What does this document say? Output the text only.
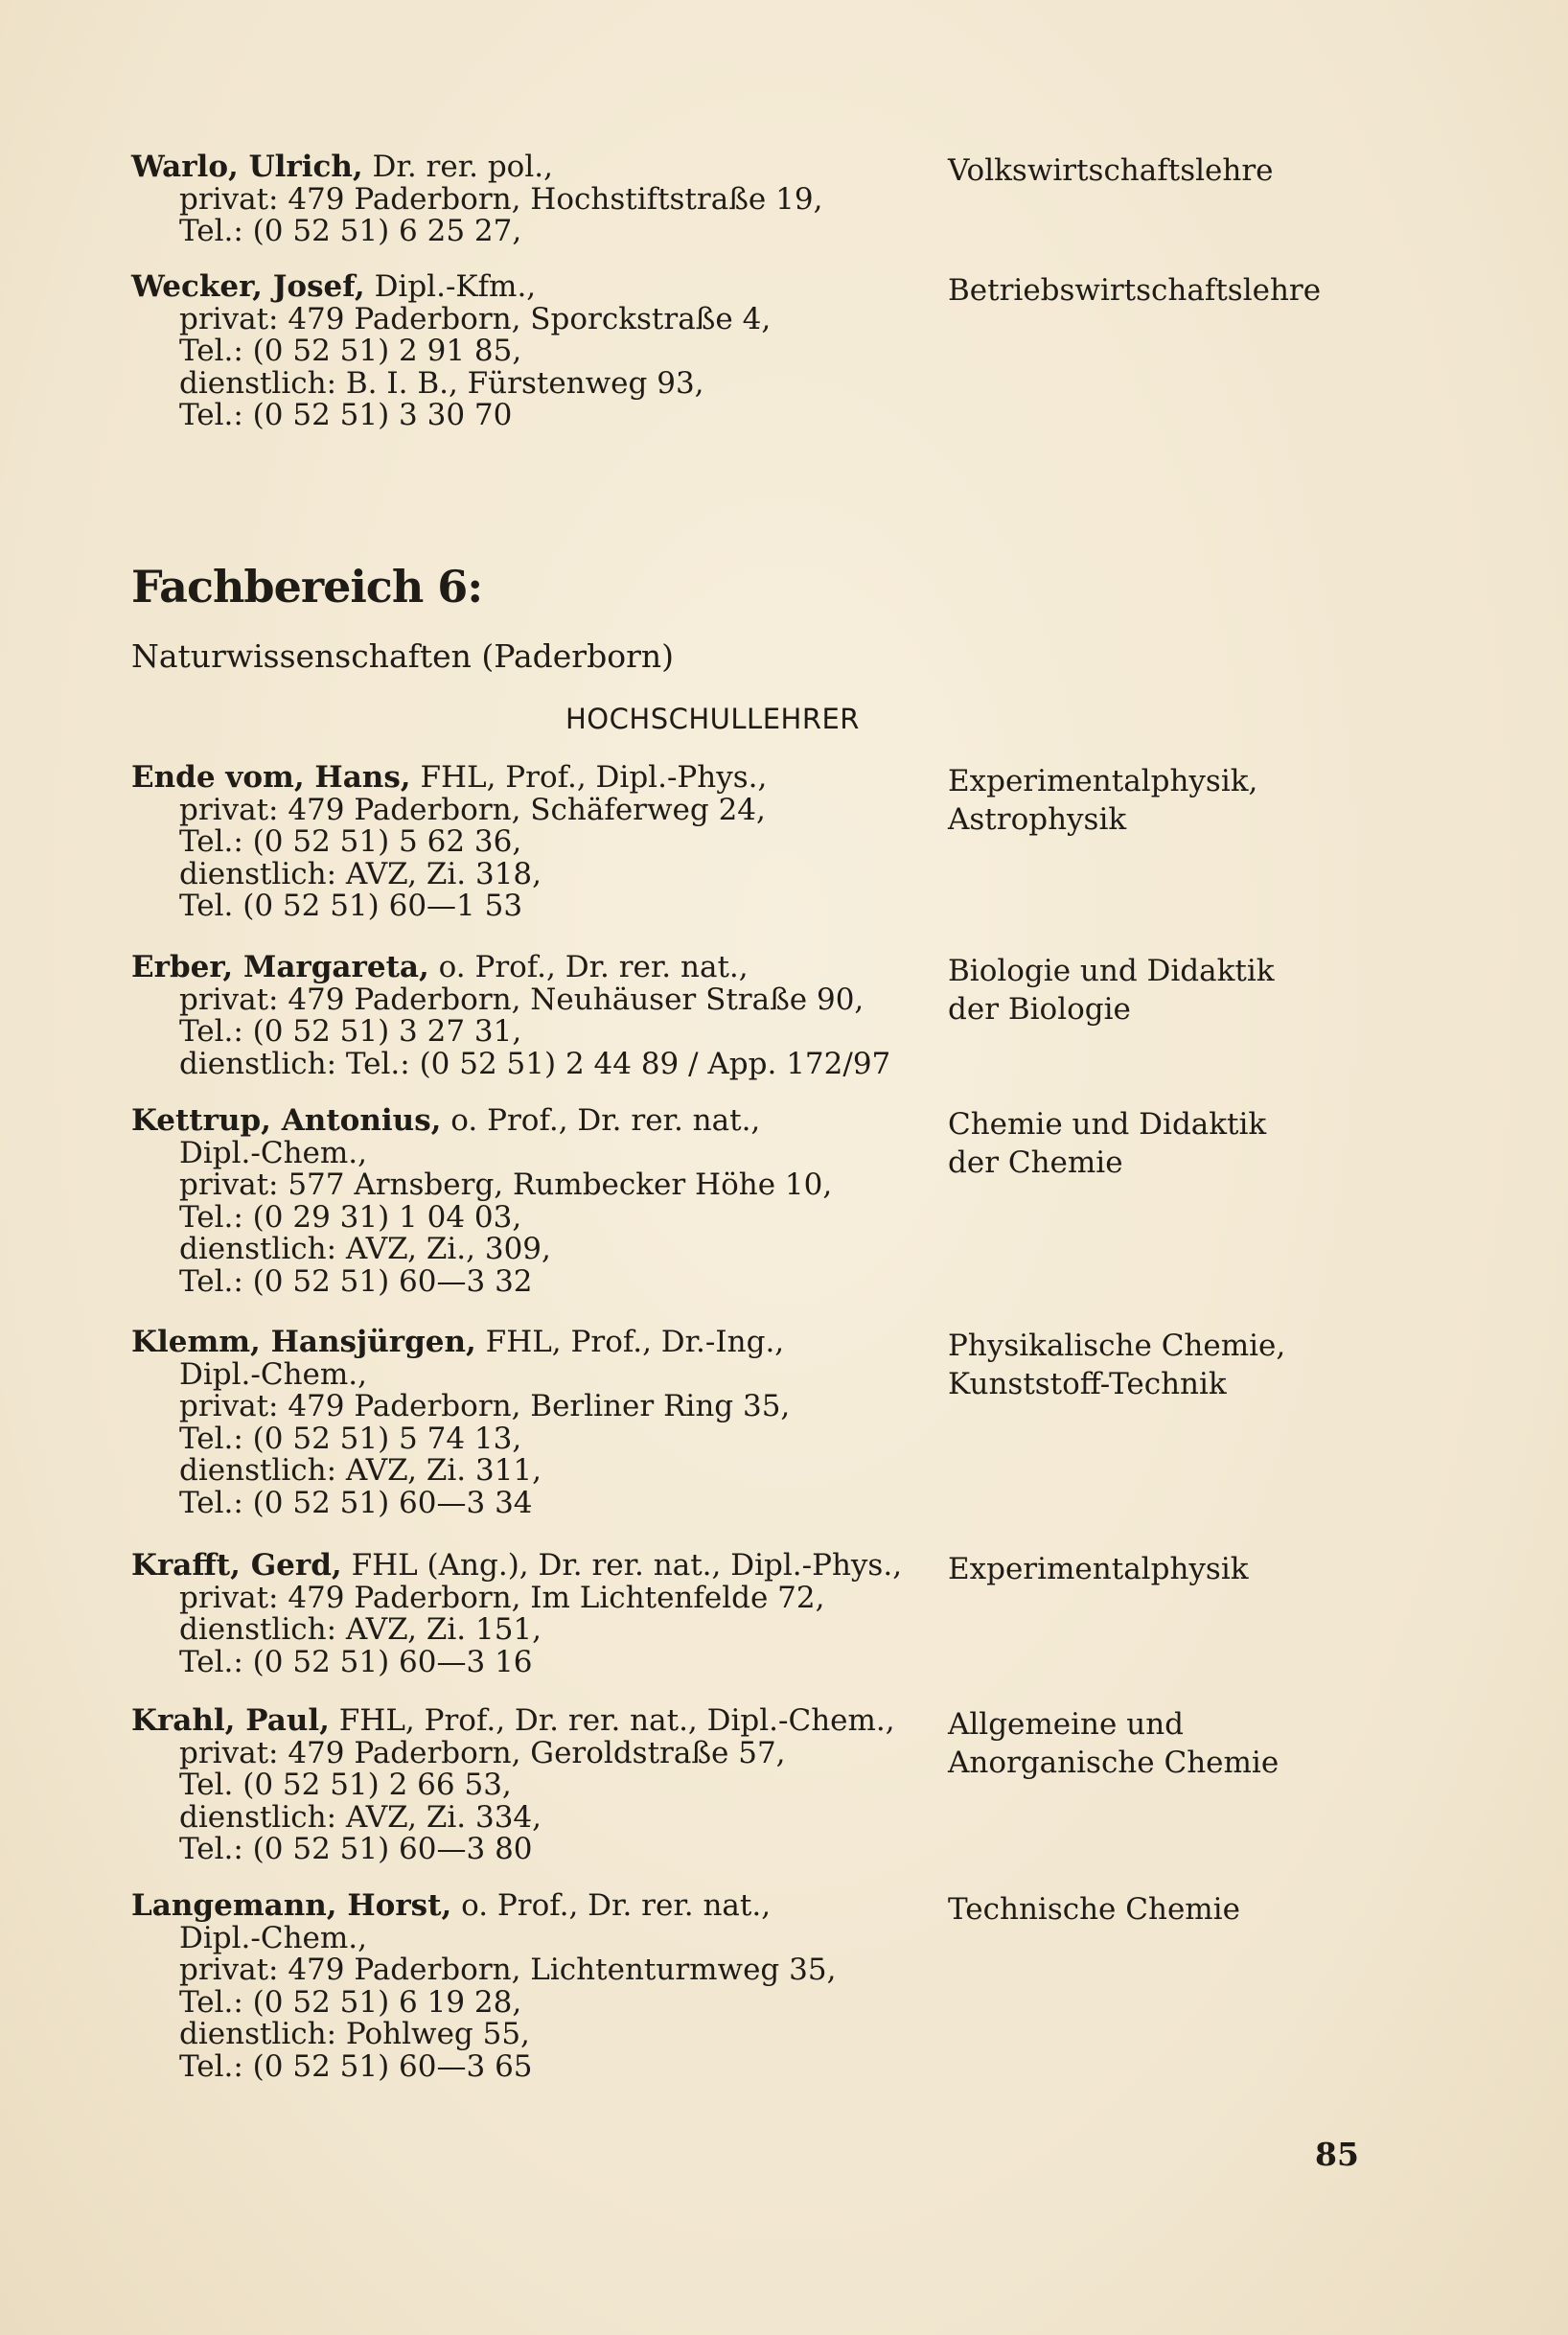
Warlo, Ulrich, Dr. rer. pol.,
privat: 479 Paderborn, Hochstiftstraße 19,
Tel.: (0 52 51) 6 25 27,
Volkswirtschaftslehre
Wecker, Josef, Dipl.-Kfm.,
privat: 479 Paderborn, Sporckstraße 4,
Tel.: (0 52 51) 2 91 85,
dienstlich: B. I. B., Fürstenweg 93,
Tel.: (0 52 51) 3 30 70
Betriebswirtschaftslehre
Fachbereich 6:
Naturwissenschaften (Paderborn)
HOCHSCHULLEHRER
Ende vom, Hans, FHL, Prof., Dipl.-Phys.,
privat: 479 Paderborn, Schäferweg 24,
Tel.: (0 52 51) 5 62 36,
dienstlich: AVZ, Zi. 318,
Tel. (0 52 51) 60—1 53
Experimentalphysik,
Astrophysik
Erber, Margareta, o. Prof., Dr. rer. nat.,
privat: 479 Paderborn, Neuhäuser Straße 90,
Tel.: (0 52 51) 3 27 31,
dienstlich: Tel.: (0 52 51) 2 44 89 / App. 172/97
Biologie und Didaktik
der Biologie
Kettrup, Antonius, o. Prof., Dr. rer. nat.,
Dipl.-Chem.,
privat: 577 Arnsberg, Rumbecker Höhe 10,
Tel.: (0 29 31) 1 04 03,
dienstlich: AVZ, Zi., 309,
Tel.: (0 52 51) 60—3 32
Chemie und Didaktik
der Chemie
Klemm, Hansjürgen, FHL, Prof., Dr.-Ing.,
Dipl.-Chem.,
privat: 479 Paderborn, Berliner Ring 35,
Tel.: (0 52 51) 5 74 13,
dienstlich: AVZ, Zi. 311,
Tel.: (0 52 51) 60—3 34
Physikalische Chemie,
Kunststoff-Technik
Krafft, Gerd, FHL (Ang.), Dr. rer. nat., Dipl.-Phys.,
privat: 479 Paderborn, Im Lichtenfelde 72,
dienstlich: AVZ, Zi. 151,
Tel.: (0 52 51) 60—3 16
Experimentalphysik
Krahl, Paul, FHL, Prof., Dr. rer. nat., Dipl.-Chem.,
privat: 479 Paderborn, Geroldstraße 57,
Tel. (0 52 51) 2 66 53,
dienstlich: AVZ, Zi. 334,
Tel.: (0 52 51) 60—3 80
Allgemeine und
Anorganische Chemie
Langemann, Horst, o. Prof., Dr. rer. nat.,
Dipl.-Chem.,
privat: 479 Paderborn, Lichtenturmweg 35,
Tel.: (0 52 51) 6 19 28,
dienstlich: Pohlweg 55,
Tel.: (0 52 51) 60—3 65
Technische Chemie
85
